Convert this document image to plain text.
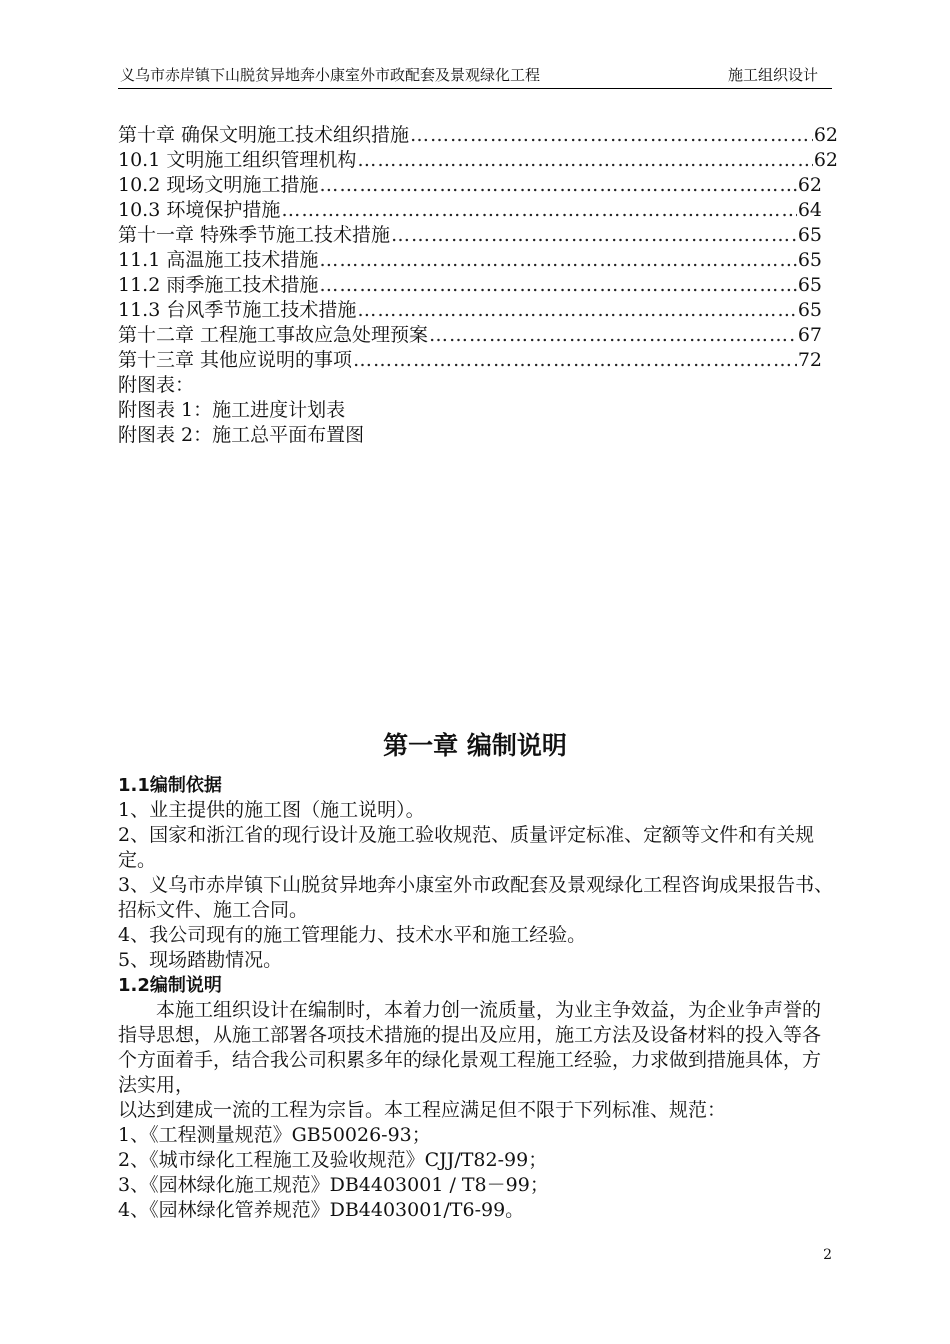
义乌市赤岸镇下山脱贫异地奔小康室外市政配套及景观绿化工程	施工组织设计
第十章 确保文明施工技术组织措施 …………………………………………………………………………………………………………………………………	62
10.1 文明施工组织管理机构 …………………………………………………………………………………………………………………………………	62
10.2 现场文明施工措施 …………………………………………………………………………………………………………………………………	62
10.3 环境保护措施 …………………………………………………………………………………………………………………………………	64
第十一章 特殊季节施工技术措施 …………………………………………………………………………………………………………………………………	65
11.1 高温施工技术措施 …………………………………………………………………………………………………………………………………	65
11.2 雨季施工技术措施 …………………………………………………………………………………………………………………………………	65
11.3 台风季节施工技术措施 …………………………………………………………………………………………………………………………………	65
第十二章 工程施工事故应急处理预案 …………………………………………………………………………………………………………………………………	67
第十三章 其他应说明的事项 …………………………………………………………………………………………………………………………………	72
附图表：
附图表 1：施工进度计划表
附图表 2：施工总平面布置图
第一章 编制说明
1.1编制依据

1、业主提供的施工图（施工说明）。

2、国家和浙江省的现行设计及施工验收规范、质量评定标准、定额等文件和有关规定。

3、义乌市赤岸镇下山脱贫异地奔小康室外市政配套及景观绿化工程咨询成果报告书、招标文件、施工合同。

4、我公司现有的施工管理能力、技术水平和施工经验。

5、现场踏勘情况。

1.2编制说明

本施工组织设计在编制时，本着力创一流质量，为业主争效益，为企业争声誉的指导思想，从施工部署各项技术措施的提出及应用，施工方法及设备材料的投入等各个方面着手，结合我公司积累多年的绿化景观工程施工经验，力求做到措施具体，方法实用，

以达到建成一流的工程为宗旨。本工程应满足但不限于下列标准、规范：

1、《工程测量规范》GB50026-93；

2、《城市绿化工程施工及验收规范》CJJ/T82-99；

3、《园林绿化施工规范》DB4403001 / T8－99；

4、《园林绿化管养规范》DB4403001/T6-99。

2
